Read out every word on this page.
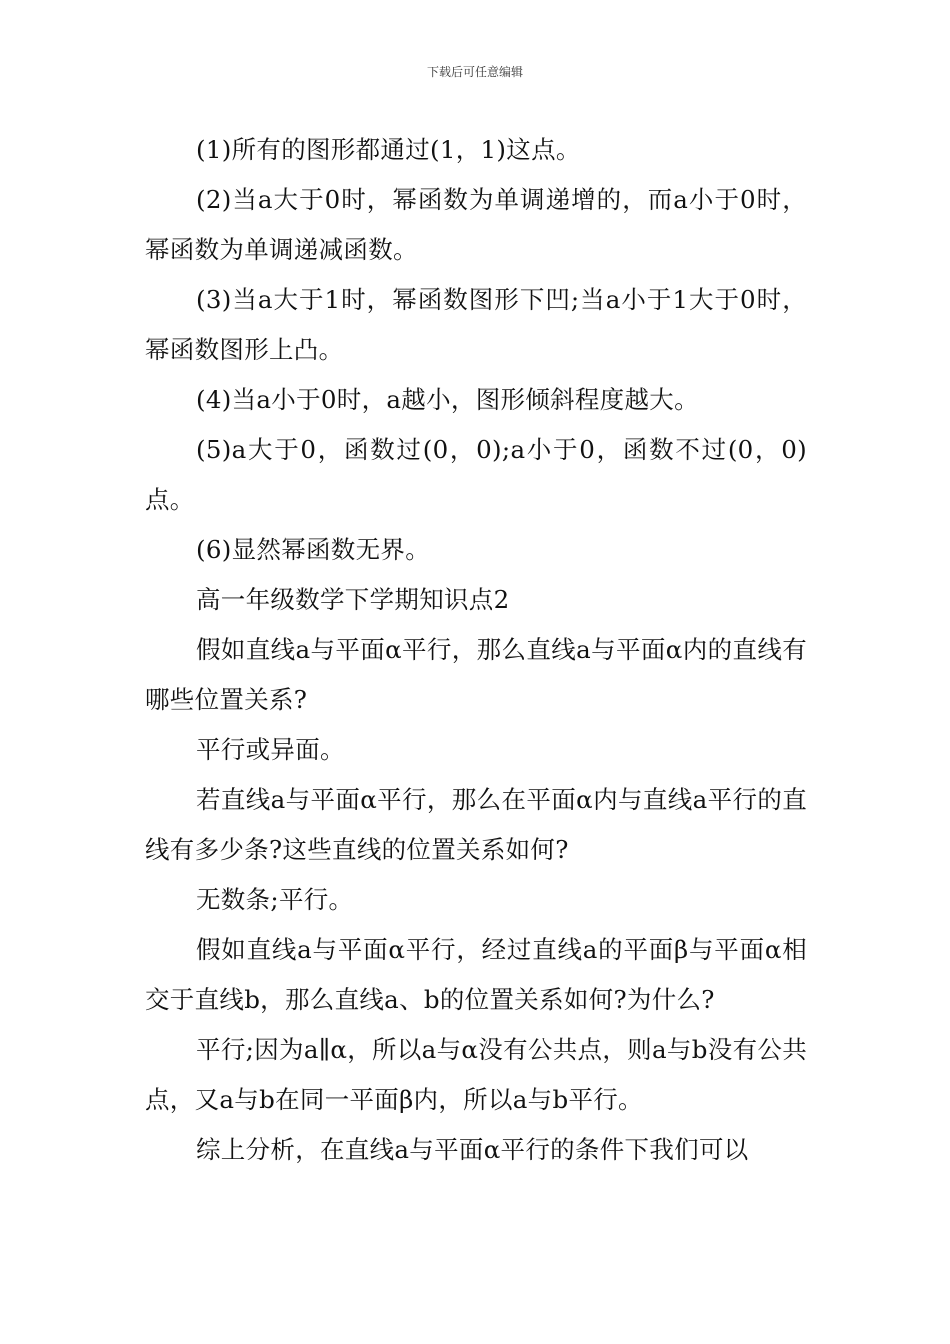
下载后可任意编辑

(1)所有的图形都通过(1，1)这点。

(2)当a大于0时，幂函数为单调递增的，而a小于0时，幂函数为单调递减函数。

(3)当a大于1时，幂函数图形下凹;当a小于1大于0时，幂函数图形上凸。

(4)当a小于0时，a越小，图形倾斜程度越大。

(5)a大于0，函数过(0，0);a小于0，函数不过(0，0)点。

(6)显然幂函数无界。

高一年级数学下学期知识点2

假如直线a与平面α平行，那么直线a与平面α内的直线有哪些位置关系?

平行或异面。

若直线a与平面α平行，那么在平面α内与直线a平行的直线有多少条?这些直线的位置关系如何?

无数条;平行。

假如直线a与平面α平行，经过直线a的平面β与平面α相交于直线b，那么直线a、b的位置关系如何?为什么?

平行;因为a∥α，所以a与α没有公共点，则a与b没有公共点，又a与b在同一平面β内，所以a与b平行。

综上分析，在直线a与平面α平行的条件下我们可以
